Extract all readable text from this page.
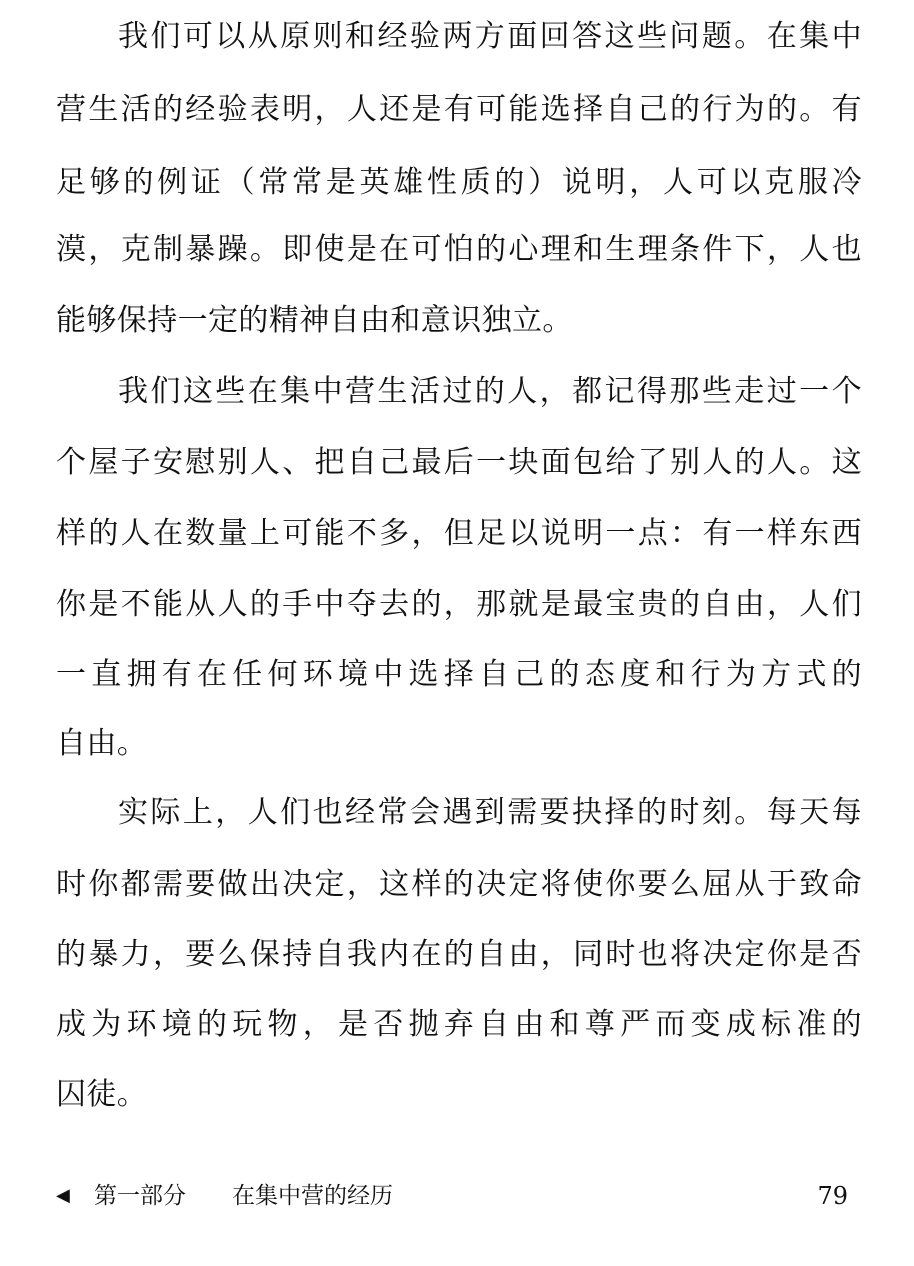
我们可以从原则和经验两方面回答这些问题。在集中
营生活的经验表明，人还是有可能选择自己的行为的。有
足够的例证（常常是英雄性质的）说明，人可以克服冷
漠，克制暴躁。即使是在可怕的心理和生理条件下，人也
能够保持一定的精神自由和意识独立。
我们这些在集中营生活过的人，都记得那些走过一个
个屋子安慰别人、把自己最后一块面包给了别人的人。这
样的人在数量上可能不多，但足以说明一点：有一样东西
你是不能从人的手中夺去的，那就是最宝贵的自由，人们
一直拥有在任何环境中选择自己的态度和行为方式的
自由。
实际上，人们也经常会遇到需要抉择的时刻。每天每
时你都需要做出决定，这样的决定将使你要么屈从于致命
的暴力，要么保持自我内在的自由，同时也将决定你是否
成为环境的玩物，是否抛弃自由和尊严而变成标准的
囚徒。
◀	第一部分 在集中营的经历	79
